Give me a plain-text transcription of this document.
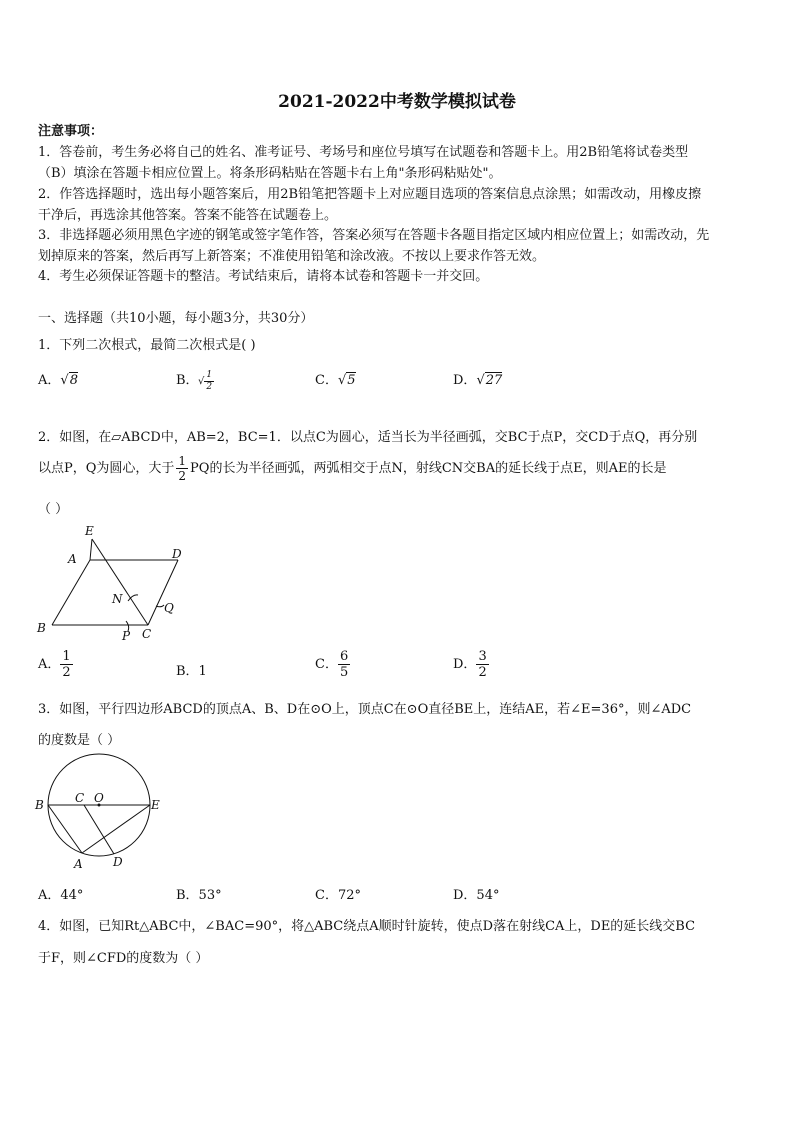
2021-2022中考数学模拟试卷
注意事项：
1．答卷前，考生务必将自己的姓名、准考证号、考场号和座位号填写在试题卷和答题卡上。用2B铅笔将试卷类型
（B）填涂在答题卡相应位置上。将条形码粘贴在答题卡右上角"条形码粘贴处"。
2．作答选择题时，选出每小题答案后，用2B铅笔把答题卡上对应题目选项的答案信息点涂黑；如需改动，用橡皮擦
干净后，再选涂其他答案。答案不能答在试题卷上。
3．非选择题必须用黑色字迹的钢笔或签字笔作答，答案必须写在答题卡各题目指定区域内相应位置上；如需改动，先
划掉原来的答案，然后再写上新答案；不准使用铅笔和涂改液。不按以上要求作答无效。
4．考生必须保证答题卡的整洁。考试结束后，请将本试卷和答题卡一并交回。
一、选择题（共10小题，每小题3分，共30分）
1．下列二次根式，最简二次根式是( )
A．√8	B． √ $\frac{1}{2}$	C．√5	D．√27
2．如图，在▱ABCD中，AB=2，BC=1．以点C为圆心，适当长为半径画弧，交BC于点P，交CD于点Q，再分别
以点P，Q为圆心，大于 $\frac{1}{2}$ PQ的长为半径画弧，两弧相交于点N，射线CN交BA的延长线于点E，则AE的长是
（ ）
E
A	D
N
Q
B
P C
A． $\frac{1}{2}$	B．1	C． $\frac{6}{5}$	D． $\frac{3}{2}$
3．如图，平行四边形ABCD的顶点A、B、D在⊙O上，顶点C在⊙O直径BE上，连结AE，若∠E=36°，则∠ADC
的度数是（ ）
B	C O	E
A	D
A．44°	B．53°	C．72°	D．54°
4．如图，已知Rt△ABC中，∠BAC=90°，将△ABC绕点A顺时针旋转，使点D落在射线CA上，DE的延长线交BC
于F，则∠CFD的度数为（ ）
